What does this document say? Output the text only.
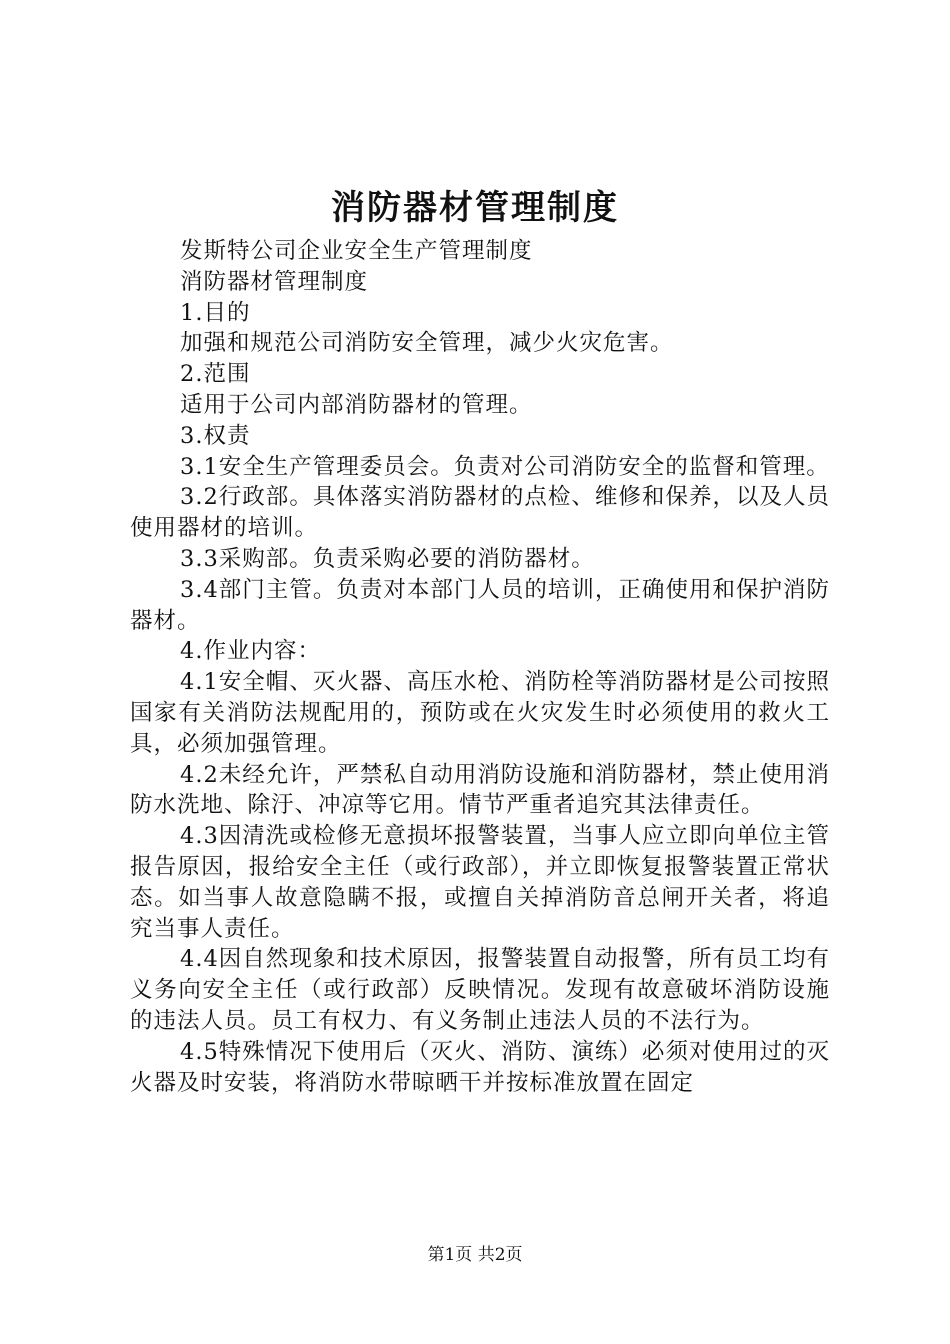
消防器材管理制度
发斯特公司企业安全生产管理制度
消防器材管理制度
1.目的
加强和规范公司消防安全管理，减少火灾危害。
2.范围
适用于公司内部消防器材的管理。
3.权责
3.1安全生产管理委员会。负责对公司消防安全的监督和管理。
3.2行政部。具体落实消防器材的点检、维修和保养，以及人员使用器材的培训。
3.3采购部。负责采购必要的消防器材。
3.4部门主管。负责对本部门人员的培训，正确使用和保护消防器材。
4.作业内容：
4.1安全帽、灭火器、高压水枪、消防栓等消防器材是公司按照国家有关消防法规配用的，预防或在火灾发生时必须使用的救火工具，必须加强管理。
4.2未经允许，严禁私自动用消防设施和消防器材，禁止使用消防水洗地、除汙、冲凉等它用。情节严重者追究其法律责任。
4.3因清洗或检修无意损坏报警装置，当事人应立即向单位主管报告原因，报给安全主任（或行政部），并立即恢复报警装置正常状态。如当事人故意隐瞒不报，或擅自关掉消防音总闸开关者，将追究当事人责任。
4.4因自然现象和技术原因，报警装置自动报警，所有员工均有义务向安全主任（或行政部）反映情况。发现有故意破坏消防设施的违法人员。员工有权力、有义务制止违法人员的不法行为。
4.5特殊情况下使用后（灭火、消防、演练）必须对使用过的灭火器及时安装，将消防水带晾晒干并按标准放置在固定
第1页 共2页
